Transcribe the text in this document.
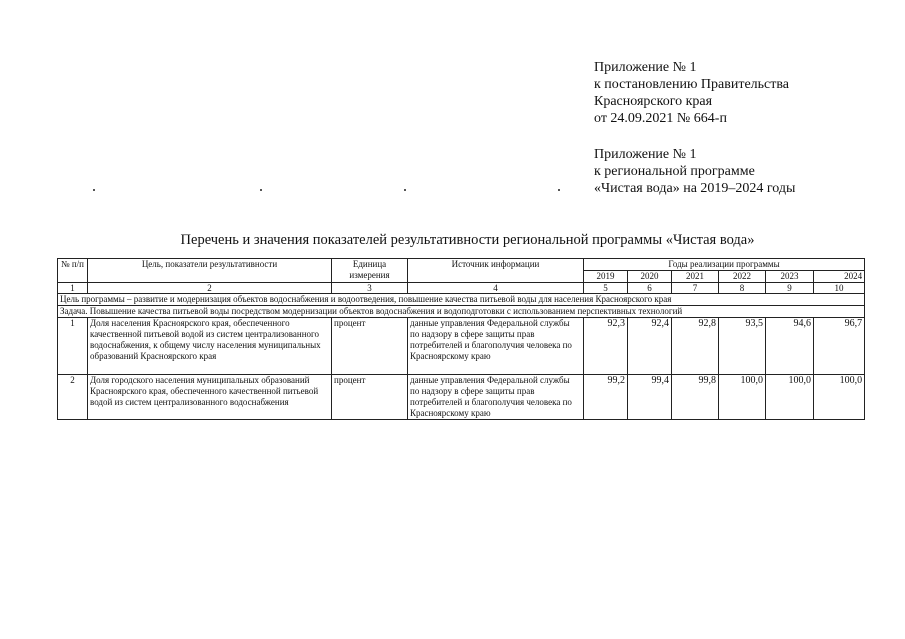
Приложение № 1
к постановлению Правительства
Красноярского края
от 24.09.2021 № 664-п
Приложение № 1
к региональной программе
«Чистая вода» на 2019–2024 годы
Перечень и значения показателей результативности региональной программы «Чистая вода»
№ п/п	Цель, показатели результативности	Единица измерения	Источник информации	Годы реализации программы					
				2019	2020	2021	2022	2023	2024
1	2	3	4	5	6	7	8	9	10
Цель программы – развитие и модернизация объектов водоснабжения и водоотведения, повышение качества питьевой воды для населения Красноярского края									
Задача. Повышение качества питьевой воды посредством модернизации объектов водоснабжения и водоподготовки с использованием перспективных технологий									
1	Доля населения Красноярского края, обеспеченного качественной питьевой водой из систем централизованного водоснабжения, к общему числу населения муниципальных образований Красноярского края	процент	данные управления Федеральной службы по надзору в сфере защиты прав потребителей и благополучия человека по Красноярскому краю	92,3	92,4	92,8	93,5	94,6	96,7
2	Доля городского населения муниципальных образований Красноярского края, обеспеченного качественной питьевой водой из систем централизованного водоснабжения	процент	данные управления Федеральной службы по надзору в сфере защиты прав потребителей и благополучия человека по Красноярскому краю	99,2	99,4	99,8	100,0	100,0	100,0
